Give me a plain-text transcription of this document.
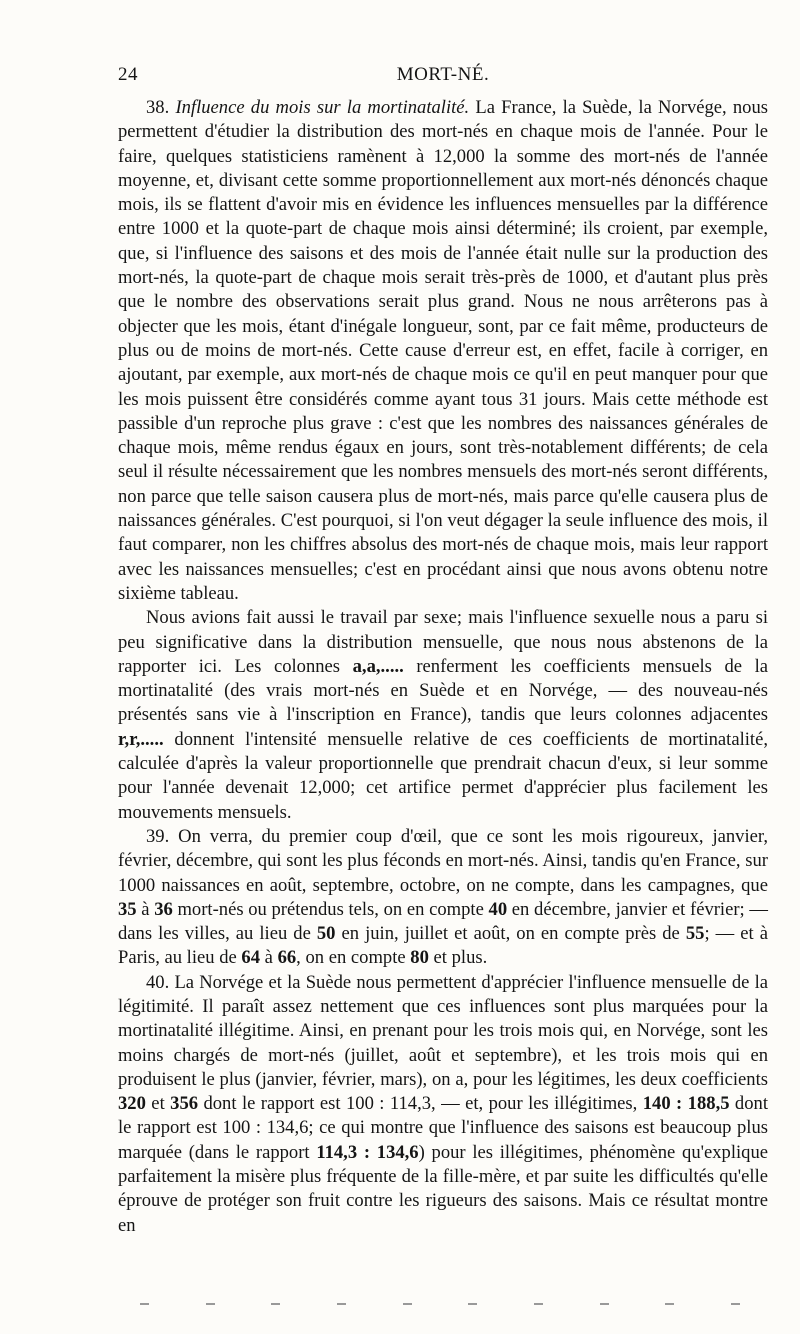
24	MORT-NÉ.

38. Influence du mois sur la mortinatalité. La France, la Suède, la Norvége, nous permettent d'étudier la distribution des mort-nés en chaque mois de l'année. Pour le faire, quelques statisticiens ramènent à 12,000 la somme des mort-nés de l'année moyenne, et, divisant cette somme proportionnellement aux mort-nés dénoncés chaque mois, ils se flattent d'avoir mis en évidence les influences mensuelles par la différence entre 1000 et la quote-part de chaque mois ainsi déterminé; ils croient, par exemple, que, si l'influence des saisons et des mois de l'année était nulle sur la production des mort-nés, la quote-part de chaque mois serait très-près de 1000, et d'autant plus près que le nombre des observations serait plus grand. Nous ne nous arrêterons pas à objecter que les mois, étant d'inégale longueur, sont, par ce fait même, producteurs de plus ou de moins de mort-nés. Cette cause d'erreur est, en effet, facile à corriger, en ajoutant, par exemple, aux mort-nés de chaque mois ce qu'il en peut manquer pour que les mois puissent être considérés comme ayant tous 31 jours. Mais cette méthode est passible d'un reproche plus grave : c'est que les nombres des naissances générales de chaque mois, même rendus égaux en jours, sont très-notablement différents; de cela seul il résulte nécessairement que les nombres mensuels des mort-nés seront différents, non parce que telle saison causera plus de mort-nés, mais parce qu'elle causera plus de naissances générales. C'est pourquoi, si l'on veut dégager la seule influence des mois, il faut comparer, non les chiffres absolus des mort-nés de chaque mois, mais leur rapport avec les naissances mensuelles; c'est en procédant ainsi que nous avons obtenu notre sixième tableau.

Nous avions fait aussi le travail par sexe; mais l'influence sexuelle nous a paru si peu significative dans la distribution mensuelle, que nous nous abstenons de la rapporter ici. Les colonnes a,a,..... renferment les coefficients mensuels de la mortinatalité (des vrais mort-nés en Suède et en Norvége, — des nouveau-nés présentés sans vie à l'inscription en France), tandis que leurs colonnes adjacentes r,r,..... donnent l'intensité mensuelle relative de ces coefficients de mortinatalité, calculée d'après la valeur proportionnelle que prendrait chacun d'eux, si leur somme pour l'année devenait 12,000; cet artifice permet d'apprécier plus facilement les mouvements mensuels.

39. On verra, du premier coup d'œil, que ce sont les mois rigoureux, janvier, février, décembre, qui sont les plus féconds en mort-nés. Ainsi, tandis qu'en France, sur 1000 naissances en août, septembre, octobre, on ne compte, dans les campagnes, que 35 à 36 mort-nés ou prétendus tels, on en compte 40 en décembre, janvier et février; — dans les villes, au lieu de 50 en juin, juillet et août, on en compte près de 55; — et à Paris, au lieu de 64 à 66, on en compte 80 et plus.

40. La Norvége et la Suède nous permettent d'apprécier l'influence mensuelle de la légitimité. Il paraît assez nettement que ces influences sont plus marquées pour la mortinatalité illégitime. Ainsi, en prenant pour les trois mois qui, en Norvége, sont les moins chargés de mort-nés (juillet, août et septembre), et les trois mois qui en produisent le plus (janvier, février, mars), on a, pour les légitimes, les deux coefficients 320 et 356 dont le rapport est 100 : 114,3, — et, pour les illégitimes, 140 : 188,5 dont le rapport est 100 : 134,6; ce qui montre que l'influence des saisons est beaucoup plus marquée (dans le rapport 114,3 : 134,6) pour les illégitimes, phénomène qu'explique parfaitement la misère plus fréquente de la fille-mère, et par suite les difficultés qu'elle éprouve de protéger son fruit contre les rigueurs des saisons. Mais ce résultat montre en
